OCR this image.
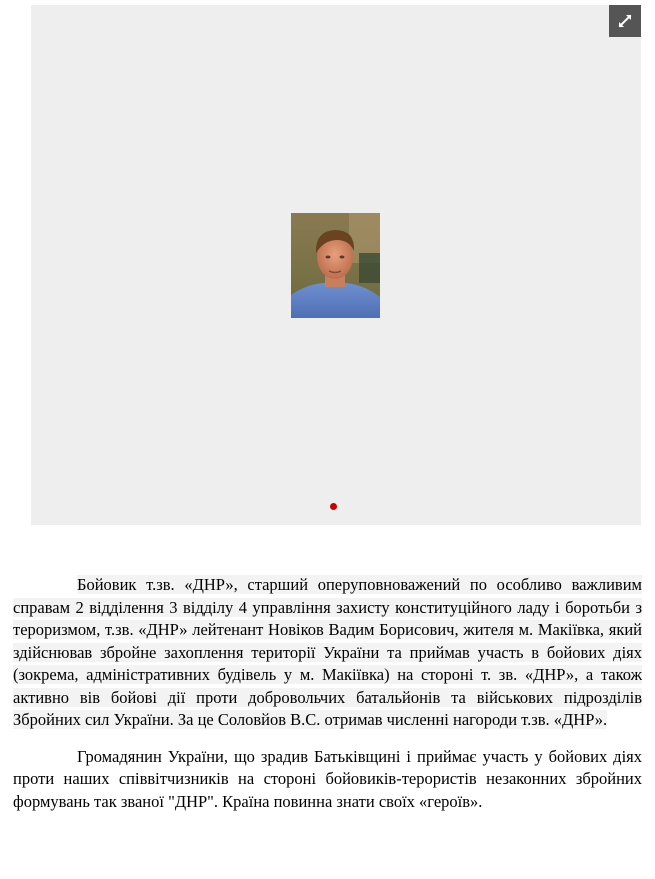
Бойовик т.зв. «ДНР», старший оперуповноважений по особливо важливим справам 2 відділення 3 відділу 4 управління захисту конституційного ладу і боротьби з тероризмом, т.зв. «ДНР» лейтенант Новіков Вадим Борисович, жителя м. Макіївка, який здійснював збройне захоплення території України та приймав участь в бойових діях (зокрема, адміністративних будівель у м. Макіївка) на стороні т. зв. «ДНР», а також активно вів бойові дії проти добровольчих батальйонів та військових підрозділів Збройних сил України. За це Соловйов В.С. отримав численні нагороди т.зв. «ДНР».

Громадянин України, що зрадив Батьківщині і приймає участь у бойових діях проти наших співвітчизників на стороні бойовиків-терористів незаконних збройних формувань так званої "ДНР". Країна повинна знати своїх «героїв».
